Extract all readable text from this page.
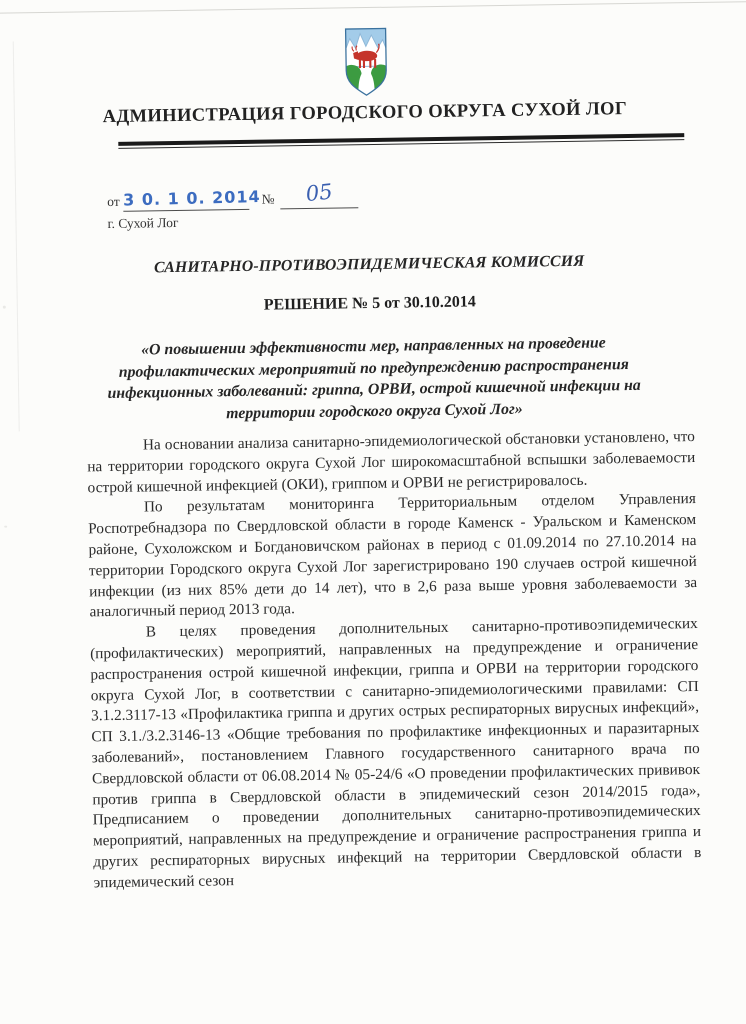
АДМИНИСТРАЦИЯ ГОРОДСКОГО ОКРУГА СУХОЙ ЛОГ
от 3 0. 1 0. 2014№ 05
г. Сухой Лог
САНИТАРНО-ПРОТИВОЭПИДЕМИЧЕСКАЯ КОМИССИЯ
РЕШЕНИЕ № 5 от 30.10.2014
«О повышении эффективности мер, направленных на проведение профилактических мероприятий по предупреждению распространения инфекционных заболеваний: гриппа, ОРВИ, острой кишечной инфекции на территории городского округа Сухой Лог»

На основании анализа санитарно-эпидемиологической обстановки установлено, что на территории городского округа Сухой Лог широкомасштабной вспышки заболеваемости острой кишечной инфекцией (ОКИ), гриппом и ОРВИ не регистрировалось.

По результатам мониторинга Территориальным отделом Управления Роспотребнадзора по Свердловской области в городе Каменск - Уральском и Каменском районе, Сухоложском и Богдановичском районах в период с 01.09.2014 по 27.10.2014 на территории Городского округа Сухой Лог зарегистрировано 190 случаев острой кишечной инфекции (из них 85% дети до 14 лет), что в 2,6 раза выше уровня заболеваемости за аналогичный период 2013 года.

В целях проведения дополнительных санитарно-противоэпидемических (профилактических) мероприятий, направленных на предупреждение и ограничение распространения острой кишечной инфекции, гриппа и ОРВИ на территории городского округа Сухой Лог, в соответствии с санитарно-эпидемиологическими правилами: СП 3.1.2.3117-13 «Профилактика гриппа и других острых респираторных вирусных инфекций», СП 3.1./3.2.3146-13 «Общие требования по профилактике инфекционных и паразитарных заболеваний», постановлением Главного государственного санитарного врача по Свердловской области от 06.08.2014 № 05-24/6 «О проведении профилактических прививок против гриппа в Свердловской области в эпидемический сезон 2014/2015 года», Предписанием о проведении дополнительных санитарно-противоэпидемических мероприятий, направленных на предупреждение и ограничение распространения гриппа и других респираторных вирусных инфекций на территории Свердловской области в эпидемический сезон
